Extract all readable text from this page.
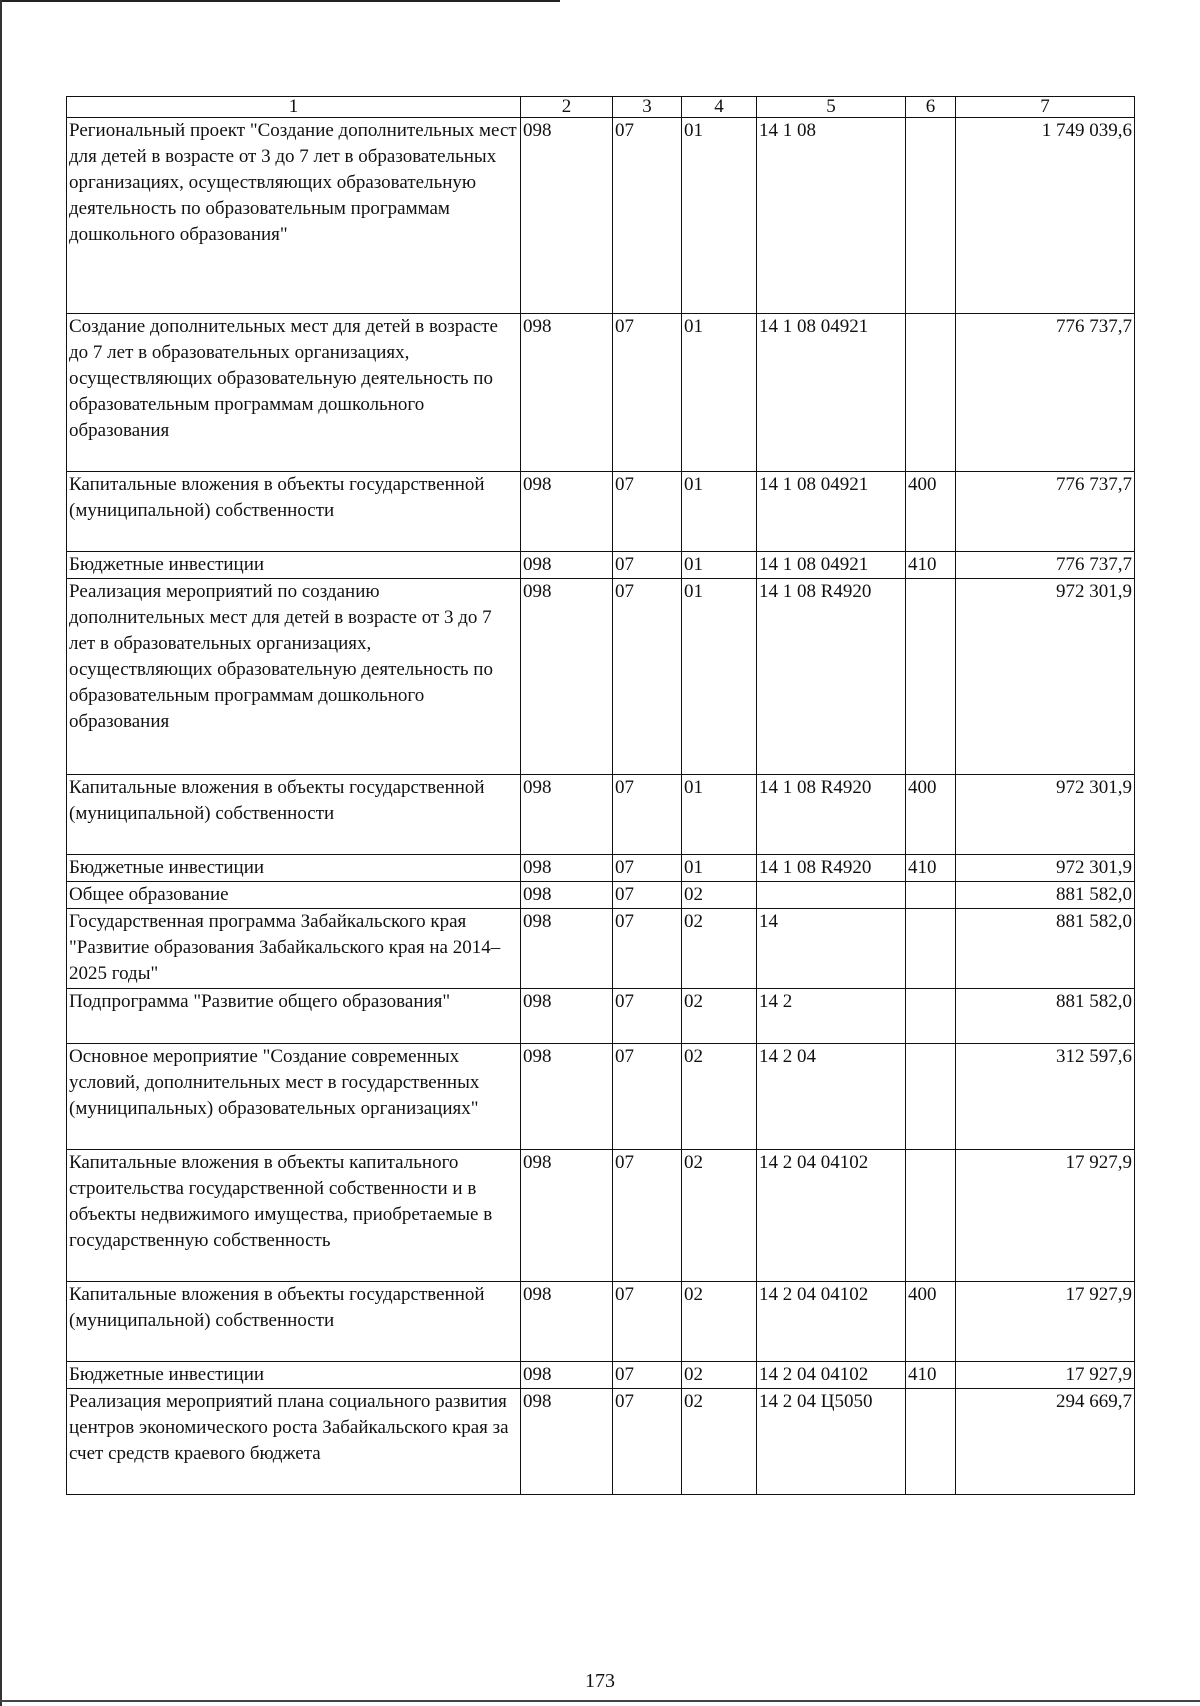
1	2	3	4	5	6	7
Региональный проект "Создание дополнительных мест для детей в возрасте от 3 до 7 лет в образовательных организациях, осуществляющих образовательную деятельность по образовательным программам дошкольного образования"	098	07	01	14 1 08		1 749 039,6
Создание дополнительных мест для детей в возрасте до 7 лет в образовательных организациях, осуществляющих образовательную деятельность по образовательным программам дошкольного образования	098	07	01	14 1 08 04921		776 737,7
Капитальные вложения в объекты государственной (муниципальной) собственности	098	07	01	14 1 08 04921	400	776 737,7
Бюджетные инвестиции	098	07	01	14 1 08 04921	410	776 737,7
Реализация мероприятий по созданию дополнительных мест для детей в возрасте от 3 до 7 лет в образовательных организациях, осуществляющих образовательную деятельность по образовательным программам дошкольного образования	098	07	01	14 1 08 R4920		972 301,9
Капитальные вложения в объекты государственной (муниципальной) собственности	098	07	01	14 1 08 R4920	400	972 301,9
Бюджетные инвестиции	098	07	01	14 1 08 R4920	410	972 301,9
Общее образование	098	07	02			881 582,0
Государственная программа Забайкальского края "Развитие образования Забайкальского края на 2014–2025 годы"	098	07	02	14		881 582,0
Подпрограмма "Развитие общего образования"	098	07	02	14 2		881 582,0
Основное мероприятие "Создание современных условий, дополнительных мест в государственных (муниципальных) образовательных организациях"	098	07	02	14 2 04		312 597,6
Капитальные вложения в объекты капитального строительства государственной собственности и в объекты недвижимого имущества, приобретаемые в государственную собственность	098	07	02	14 2 04 04102		17 927,9
Капитальные вложения в объекты государственной (муниципальной) собственности	098	07	02	14 2 04 04102	400	17 927,9
Бюджетные инвестиции	098	07	02	14 2 04 04102	410	17 927,9
Реализация мероприятий плана социального развития центров экономического роста Забайкальского края за счет средств краевого бюджета	098	07	02	14 2 04 Ц5050		294 669,7
173
